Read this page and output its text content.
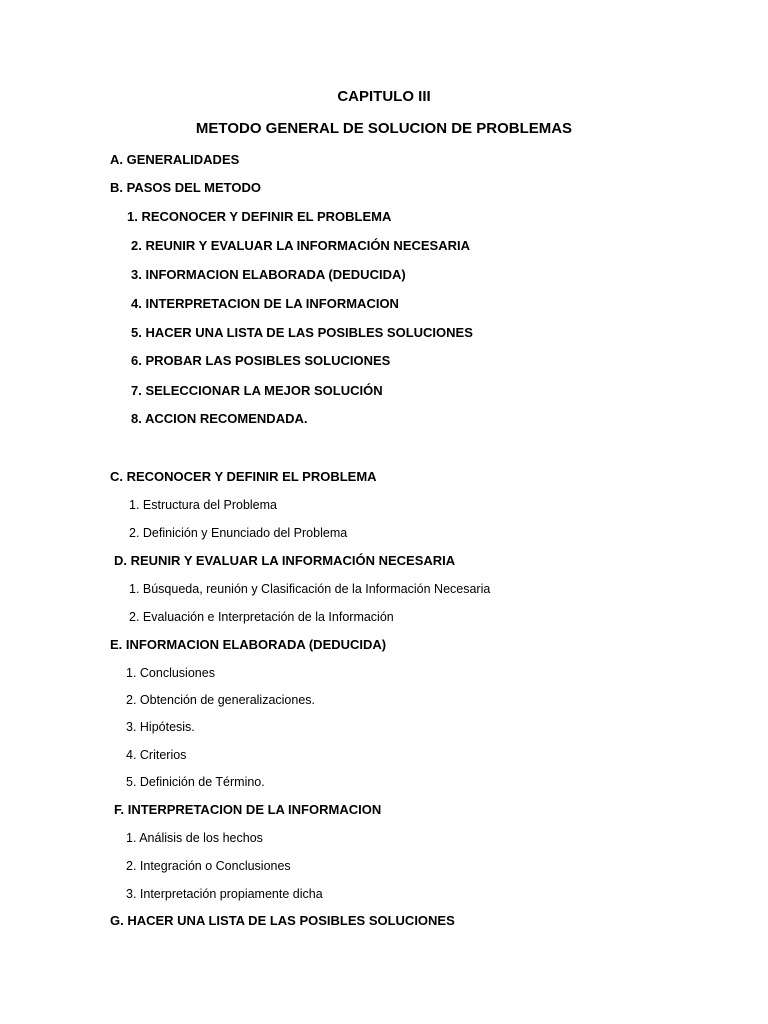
CAPITULO III
METODO GENERAL DE SOLUCION DE PROBLEMAS
A. GENERALIDADES
B. PASOS DEL METODO
1. RECONOCER Y DEFINIR EL PROBLEMA
2. REUNIR Y EVALUAR LA INFORMACIÓN NECESARIA
3. INFORMACION ELABORADA (DEDUCIDA)
4. INTERPRETACION DE LA INFORMACION
5. HACER UNA LISTA DE LAS POSIBLES SOLUCIONES
6. PROBAR LAS POSIBLES SOLUCIONES
7. SELECCIONAR LA MEJOR SOLUCIÓN
8. ACCION RECOMENDADA.
C. RECONOCER Y DEFINIR EL PROBLEMA
1. Estructura del Problema
2. Definición y Enunciado del Problema
D. REUNIR Y EVALUAR LA INFORMACIÓN NECESARIA
1. Búsqueda, reunión y Clasificación de la Información Necesaria
2. Evaluación e Interpretación de la Información
E. INFORMACION ELABORADA (DEDUCIDA)
1. Conclusiones
2. Obtención de generalizaciones.
3. Hipótesis.
4. Criterios
5. Definición de Término.
F. INTERPRETACION DE LA INFORMACION
1. Análisis de los hechos
2. Integración o Conclusiones
3. Interpretación propiamente dicha
G. HACER UNA LISTA DE LAS POSIBLES SOLUCIONES
